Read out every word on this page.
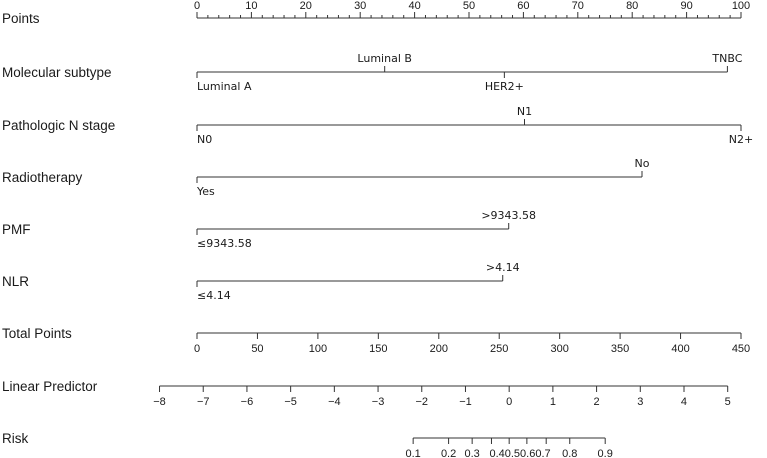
Points
0	10	20	30	40	50	60	70	80	90	100
Molecular subtype
Luminal A
Luminal B
HER2+
TNBC
Pathologic N stage
N0
N1
N2+
Radiotherapy
Yes
No
PMF
≤9343.58
>9343.58
NLR
≤4.14
>4.14
Total Points
0	50	100	150	200	250	300	350	400	450
Linear Predictor
−8	−7	−6	−5	−4	−3	−2	−1	0	1	2	3	4	5
Risk
0.1 0.2 0.3 0.40.50.60.7 0.8 0.9
